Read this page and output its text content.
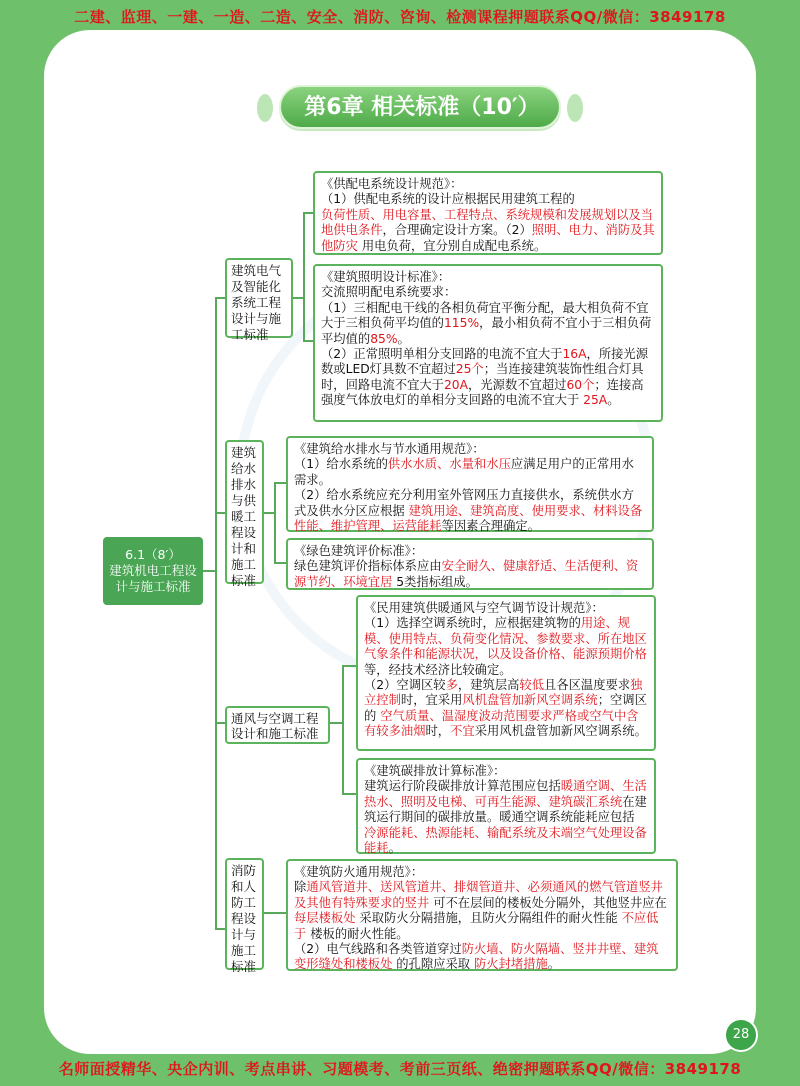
二建、监理、一建、一造、二造、安全、消防、咨询、检测课程押题联系QQ/微信：3849178
第6章 相关标准（10′）
6.1（8′）
建筑机电工程设计与施工标准
建筑电气及智能化系统工程设计与施工标准
建筑给水排水与供暖工程设计和施工标准
通风与空调工程设计和施工标准
消防和人防工程设计与施工标准
《供配电系统设计规范》：
（1）供配电系统的设计应根据民用建筑工程的
负荷性质、用电容量、工程特点、系统规模和发展规划以及当地供电条件，合理确定设计方案。（2）照明、电力、消防及其他防灾 用电负荷，宜分别自成配电系统。
《建筑照明设计标准》：
交流照明配电系统要求：
（1）三相配电干线的各相负荷宜平衡分配，最大相负荷不宜大于三相负荷平均值的115%，最小相负荷不宜小于三相负荷平均值的85%。
（2）正常照明单相分支回路的电流不宜大于16A，所接光源数或LED灯具数不宜超过25个；当连接建筑装饰性组合灯具时，回路电流不宜大于20A，光源数不宜超过60个；连接高强度气体放电灯的单相分支回路的电流不宜大于 25A。
《建筑给水排水与节水通用规范》：
（1）给水系统的供水水质、水量和水压应满足用户的正常用水需求。
（2）给水系统应充分利用室外管网压力直接供水，系统供水方式及供水分区应根据 建筑用途、建筑高度、使用要求、材料设备性能、维护管理、运营能耗等因素合理确定。
《绿色建筑评价标准》：
绿色建筑评价指标体系应由安全耐久、健康舒适、生活便利、资源节约、环境宜居 5类指标组成。
《民用建筑供暖通风与空气调节设计规范》：
（1）选择空调系统时，应根据建筑物的用途、规模、使用特点、负荷变化情况、参数要求、所在地区气象条件和能源状况，以及设备价格、能源预期价格等，经技术经济比较确定。
（2）空调区较多，建筑层高较低且各区温度要求独立控制时，宜采用风机盘管加新风空调系统；空调区的 空气质量、温湿度波动范围要求严格或空气中含有较多油烟时，不宜采用风机盘管加新风空调系统。
《建筑碳排放计算标准》：
建筑运行阶段碳排放计算范围应包括暖通空调、生活热水、照明及电梯、可再生能源、建筑碳汇系统在建筑运行期间的碳排放量。暖通空调系统能耗应包括 冷源能耗、热源能耗、输配系统及末端空气处理设备能耗。
《建筑防火通用规范》：
除通风管道井、送风管道井、排烟管道井、必须通风的燃气管道竖井及其他有特殊要求的竖井 可不在层间的楼板处分隔外，其他竖井应在 每层楼板处 采取防火分隔措施，且防火分隔组件的耐火性能 不应低于 楼板的耐火性能。
（2）电气线路和各类管道穿过防火墙、防火隔墙、竖井井壁、建筑变形缝处和楼板处 的孔隙应采取 防火封堵措施。
28
名师面授精华、央企内训、考点串讲、习题模考、考前三页纸、绝密押题联系QQ/微信：3849178
